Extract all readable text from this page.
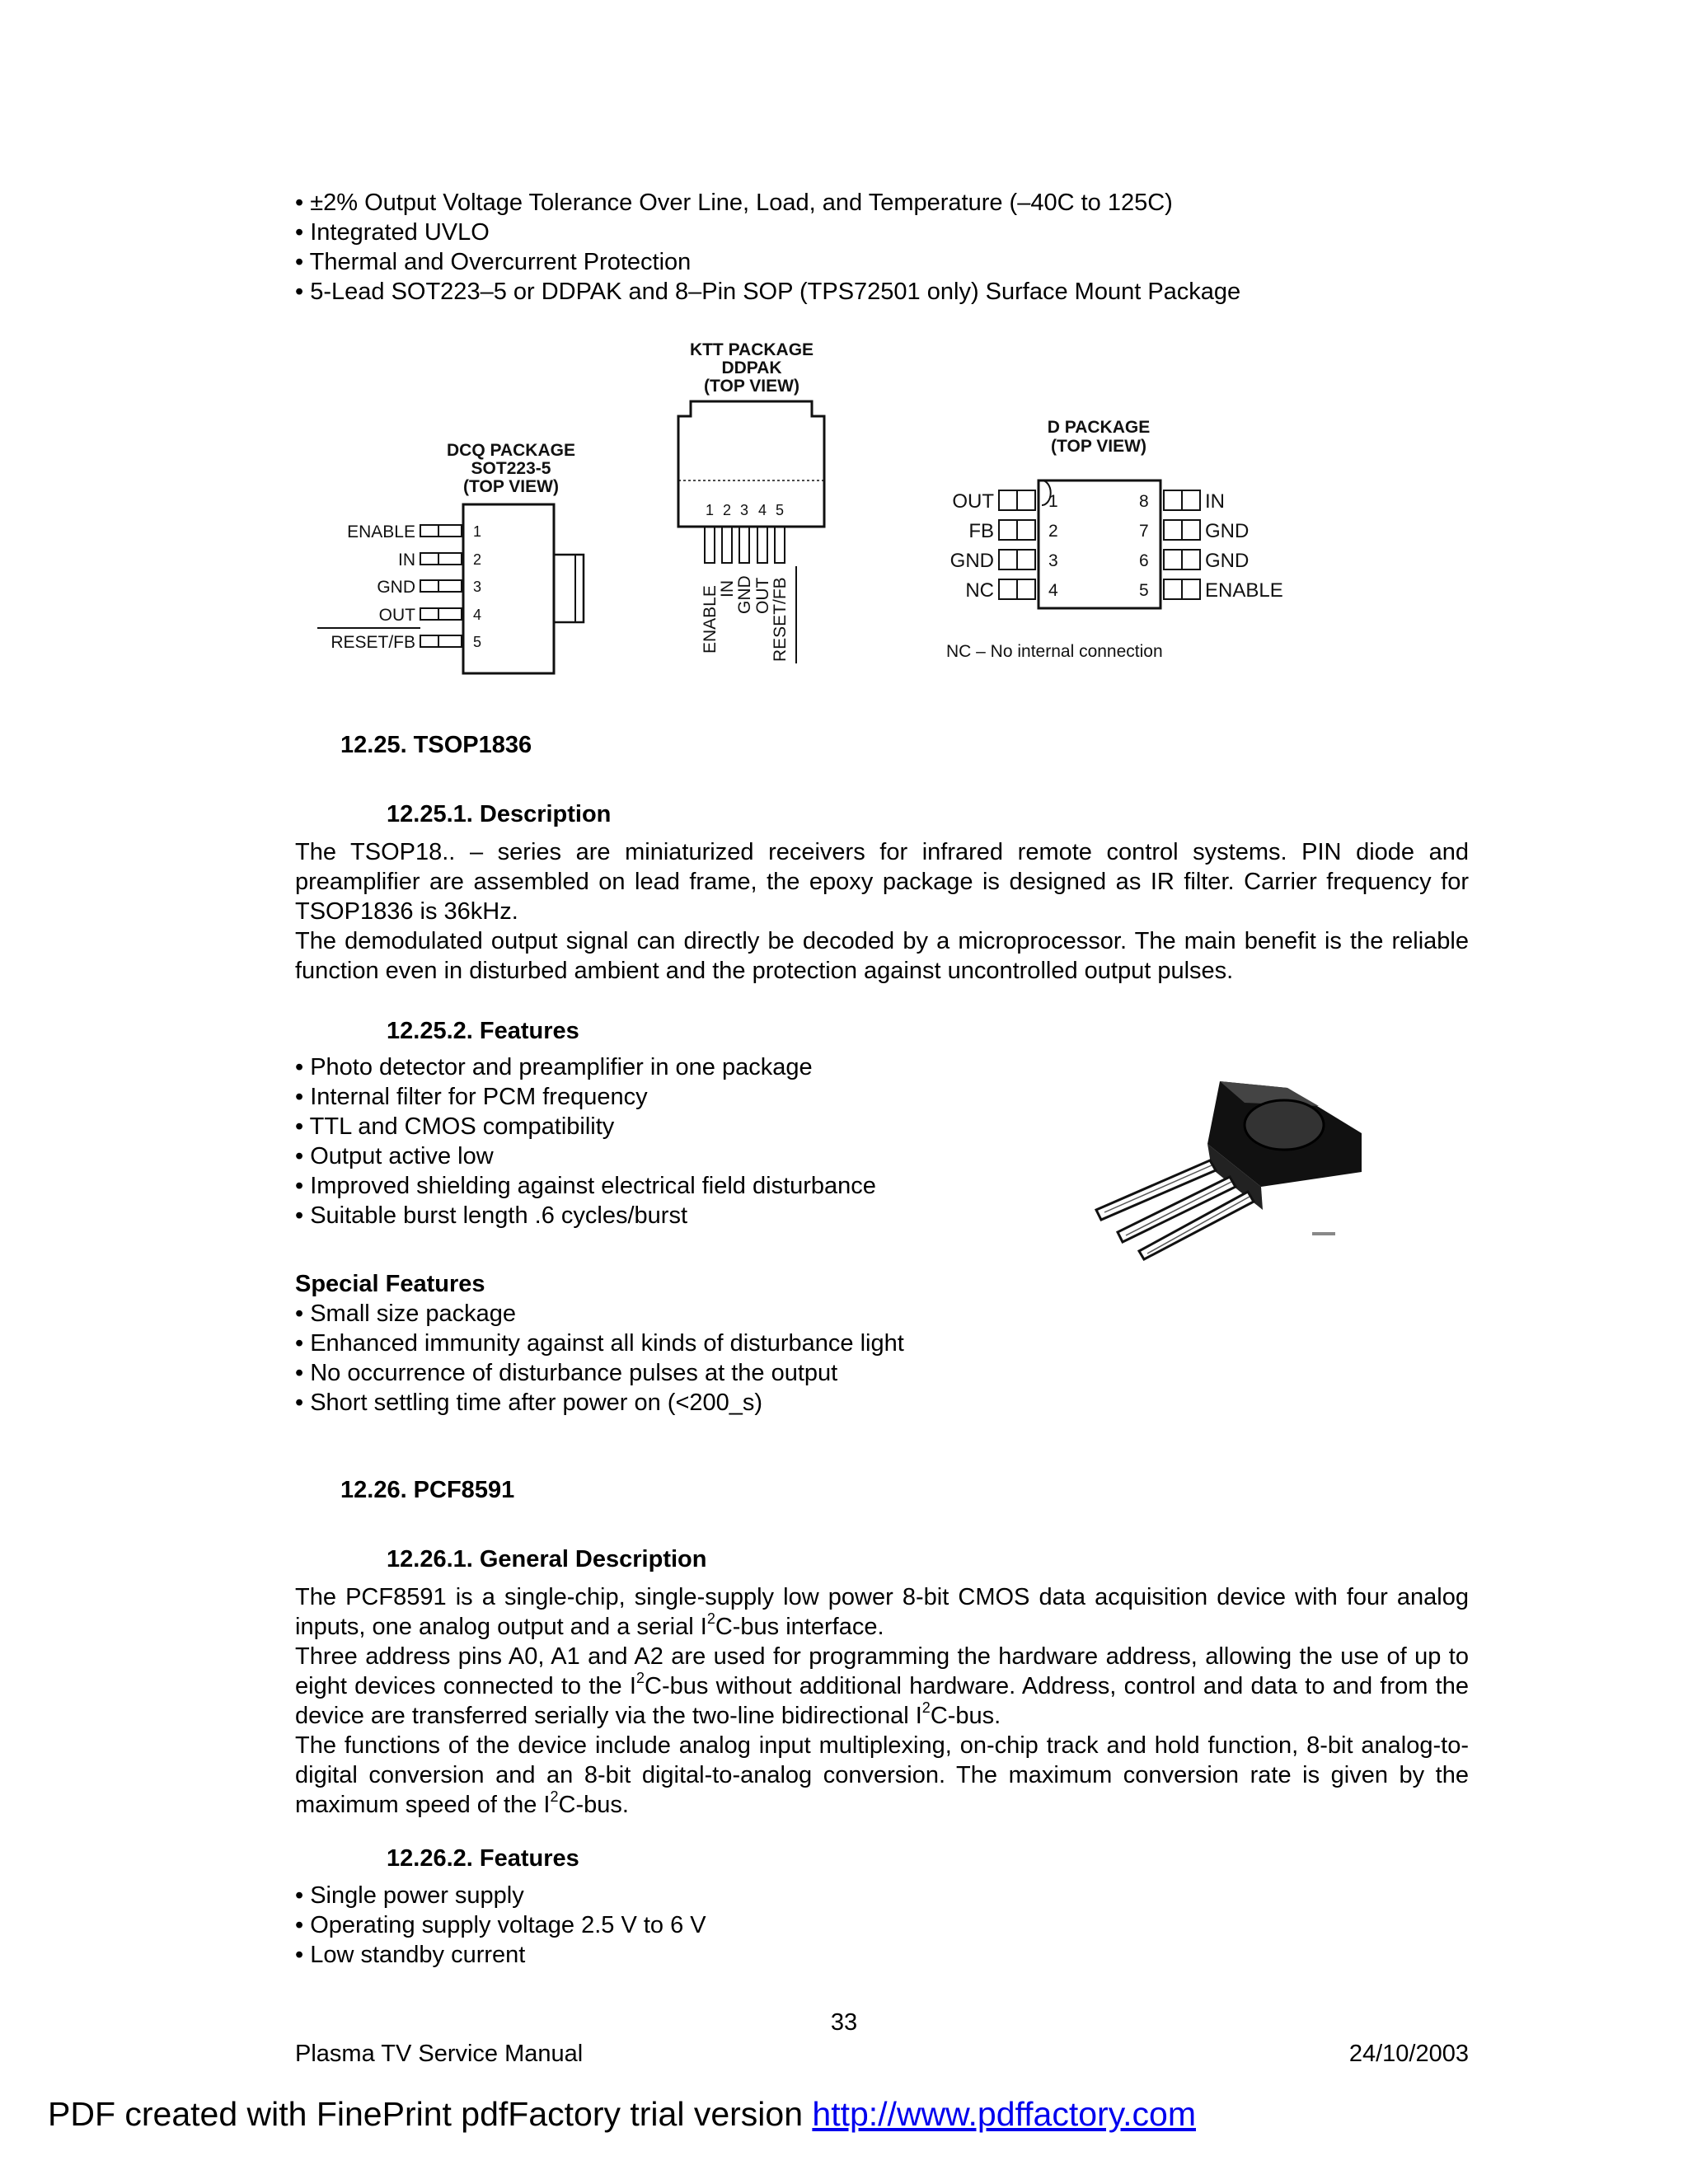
• ±2% Output Voltage Tolerance Over Line, Load, and Temperature (–40C to 125C)
• Integrated UVLO
• Thermal and Overcurrent Protection
• 5-Lead SOT223–5 or DDPAK and 8–Pin SOP (TPS72501 only) Surface Mount Package
DCQ PACKAGE
SOT223-5
(TOP VIEW)
ENABLE
IN
GND
OUT
RESET/FB
1
2
3
4
5
KTT PACKAGE
DDPAK
(TOP VIEW)
1 2 3 4 5
ENABLE
IN
GND OUT
RESET/FB
D PACKAGE
(TOP VIEW)
OUT
FB
GND
NC
1
2
3
4
8
7
6
5
IN
GND
GND
ENABLE
NC – No internal connection
12.25. TSOP1836
12.25.1. Description

The TSOP18.. – series are miniaturized receivers for infrared remote control systems. PIN diode and preamplifier are assembled on lead frame, the epoxy package is designed as IR filter. Carrier frequency for TSOP1836 is 36kHz.

The demodulated output signal can directly be decoded by a microprocessor. The main benefit is the reliable function even in disturbed ambient and the protection against uncontrolled output pulses.

12.25.2. Features
• Photo detector and preamplifier in one package
• Internal filter for PCM frequency
• TTL and CMOS compatibility
• Output active low
• Improved shielding against electrical field disturbance
• Suitable burst length .6 cycles/burst
Special Features
• Small size package
• Enhanced immunity against all kinds of disturbance light
• No occurrence of disturbance pulses at the output
• Short settling time after power on (<200_s)
12.26. PCF8591
12.26.1. General Description

The PCF8591 is a single-chip, single-supply low power 8-bit CMOS data acquisition device with four analog inputs, one analog output and a serial $I^2C$-bus interface.

Three address pins A0, A1 and A2 are used for programming the hardware address, allowing the use of up to eight devices connected to the $I^2C$-bus without additional hardware. Address, control and data to and from the device are transferred serially via the two-line bidirectional $I^2C$-bus.

The functions of the device include analog input multiplexing, on-chip track and hold function, 8-bit analog-to-digital conversion and an 8-bit digital-to-analog conversion. The maximum conversion rate is given by the maximum speed of the $I^2C$-bus.

12.26.2. Features
• Single power supply
• Operating supply voltage 2.5 V to 6 V
• Low standby current
33
Plasma TV Service Manual	24/10/2003
PDF created with FinePrint pdfFactory trial version http://www.pdffactory.com
